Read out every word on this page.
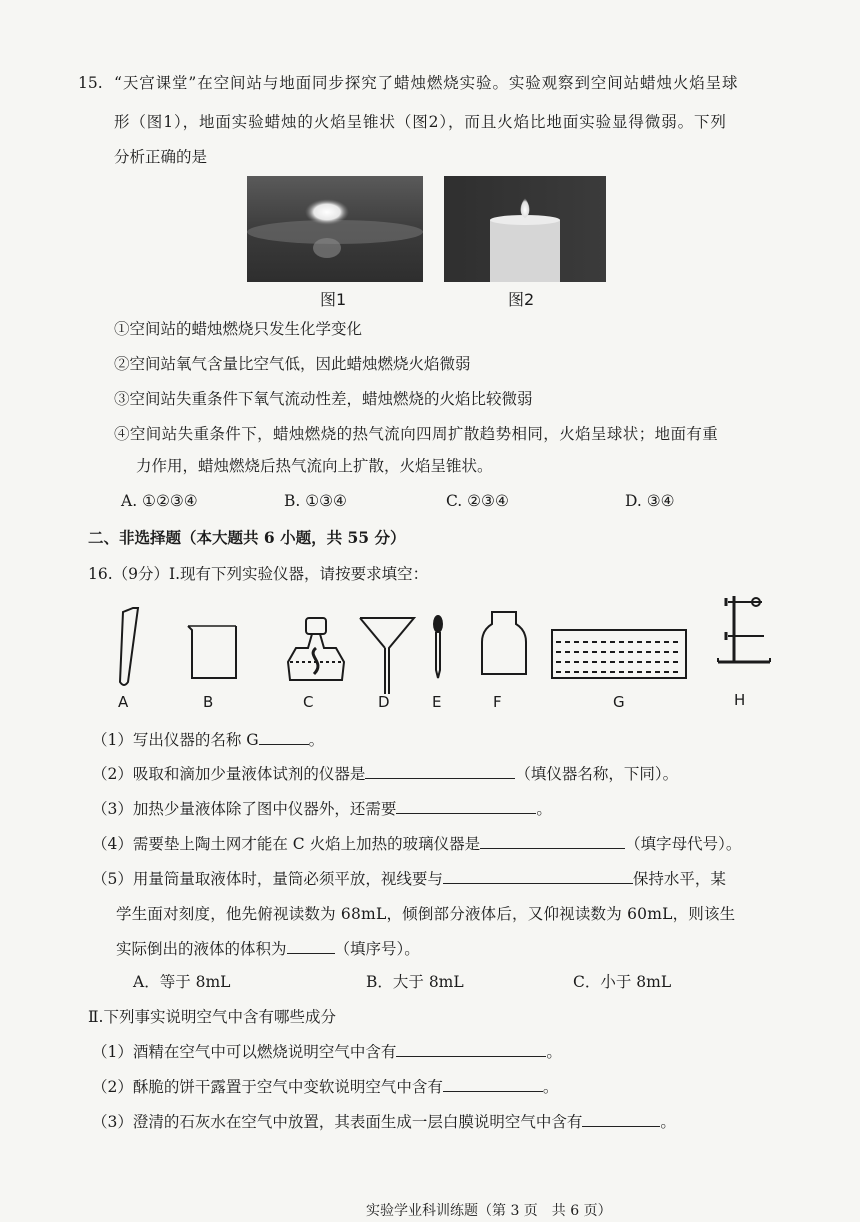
15. “天宫课堂”在空间站与地面同步探究了蜡烛燃烧实验。实验观察到空间站蜡烛火焰呈球
形（图1），地面实验蜡烛的火焰呈锥状（图2），而且火焰比地面实验显得微弱。下列
分析正确的是
图1	图2
①空间站的蜡烛燃烧只发生化学变化
②空间站氧气含量比空气低，因此蜡烛燃烧火焰微弱
③空间站失重条件下氧气流动性差，蜡烛燃烧的火焰比较微弱
④空间站失重条件下，蜡烛燃烧的热气流向四周扩散趋势相同，火焰呈球状；地面有重
力作用，蜡烛燃烧后热气流向上扩散，火焰呈锥状。
A. ①②③④	B. ①③④	C. ②③④	D. ③④
二、非选择题（本大题共 6 小题，共 55 分）
16.（9分）Ⅰ.现有下列实验仪器，请按要求填空：
A	B	C	D	E	F	G	H
（1）写出仪器的名称 G	。
（2）吸取和滴加少量液体试剂的仪器是	（填仪器名称，下同）。
（3）加热少量液体除了图中仪器外，还需要	。
（4）需要垫上陶土网才能在 C 火焰上加热的玻璃仪器是	（填字母代号）。
（5）用量筒量取液体时，量筒必须平放，视线要与	保持水平，某
学生面对刻度，他先俯视读数为 68mL，倾倒部分液体后，又仰视读数为 60mL，则该生
实际倒出的液体的体积为	（填序号）。
A．等于 8mL	B．大于 8mL	C．小于 8mL
Ⅱ.下列事实说明空气中含有哪些成分
（1）酒精在空气中可以燃烧说明空气中含有	。
（2）酥脆的饼干露置于空气中变软说明空气中含有	。
（3）澄清的石灰水在空气中放置，其表面生成一层白膜说明空气中含有	。
实验学业科训练题（第 3 页　共 6 页）
